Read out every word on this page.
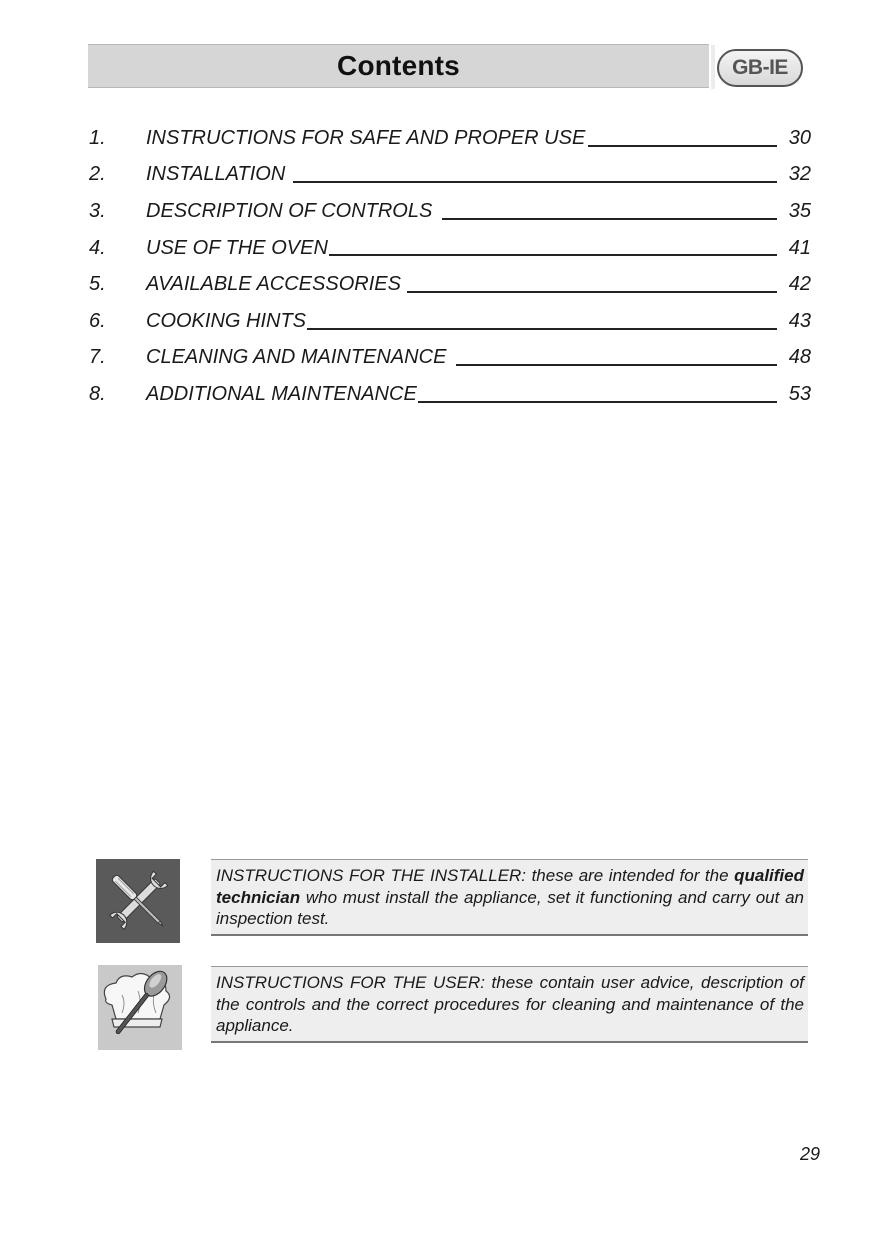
Contents	GB-IE
1.	INSTRUCTIONS FOR SAFE AND PROPER USE	30
2.	INSTALLATION	32
3.	DESCRIPTION OF CONTROLS	35
4.	USE OF THE OVEN	41
5.	AVAILABLE ACCESSORIES	42
6.	COOKING HINTS	43
7.	CLEANING AND MAINTENANCE	48
8.	ADDITIONAL MAINTENANCE	53
INSTRUCTIONS FOR THE INSTALLER: these are intended for the qualified technician who must install the appliance, set it functioning and carry out an inspection test.
INSTRUCTIONS FOR THE USER: these contain user advice, description of the controls and the correct procedures for cleaning and maintenance of the appliance.
29
